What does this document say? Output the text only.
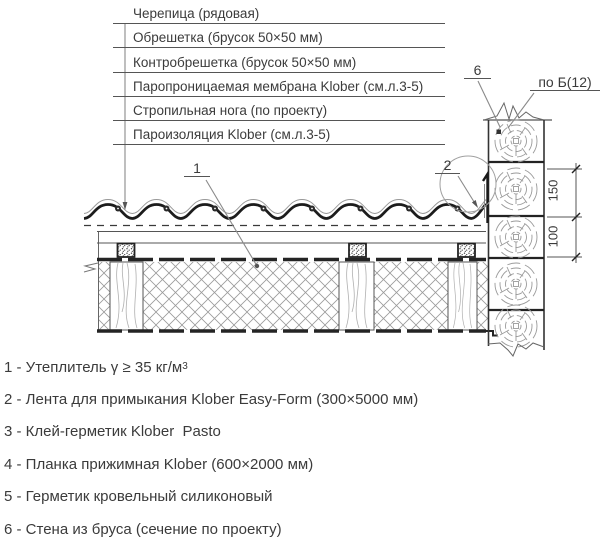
Черепица (рядовая)
Обрешетка (брусок 50×50 мм)
Контробрешетка (брусок 50×50 мм)
Паропроницаемая мембрана Klober (см.л.3-5)
Стропильная нога (по проекту)
Пароизоляция Klober (см.л.3-5)
1	2
6
по Б(12)
150
100
1 - Утеплитель γ ≥ 35 кг/м 3
2 - Лента для примыкания Klober Easy-Form (300×5000 мм)
3 - Клей-герметик Klober  Pasto
4 - Планка прижимная Klober (600×2000 мм)
5 - Герметик кровельный силиконовый
6 - Стена из бруса (сечение по проекту)
